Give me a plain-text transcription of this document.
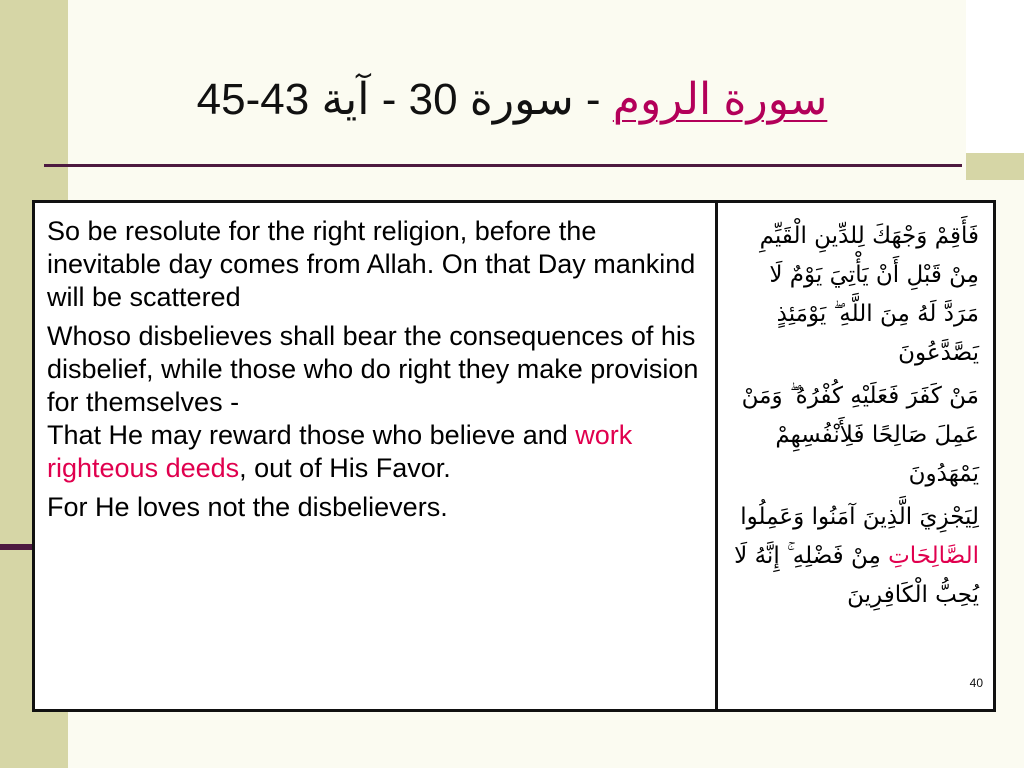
سورة 30 - آية 43-45 - سورة الروم

So be resolute for the right religion, before the inevitable day comes from Allah. On that Day mankind will be scattered

Whoso disbelieves shall bear the consequences of his disbelief, while those who do right they make provision for themselves -

That He may reward those who believe and work righteous deeds, out of His Favor.

For He loves not the disbelievers.

فَأَقِمْ وَجْهَكَ لِلدِّينِ الْقَيِّمِ مِنْ قَبْلِ أَنْ يَأْتِيَ يَوْمٌ لَا مَرَدَّ لَهُ مِنَ اللَّهِ ۖ يَوْمَئِذٍ يَصَّدَّعُونَ

مَنْ كَفَرَ فَعَلَيْهِ كُفْرُهُ ۖ وَمَنْ عَمِلَ صَالِحًا فَلِأَنْفُسِهِمْ يَمْهَدُونَ

لِيَجْزِيَ الَّذِينَ آمَنُوا وَعَمِلُوا الصَّالِحَاتِ مِنْ فَضْلِهِ ۚ إِنَّهُ لَا يُحِبُّ الْكَافِرِينَ

40
